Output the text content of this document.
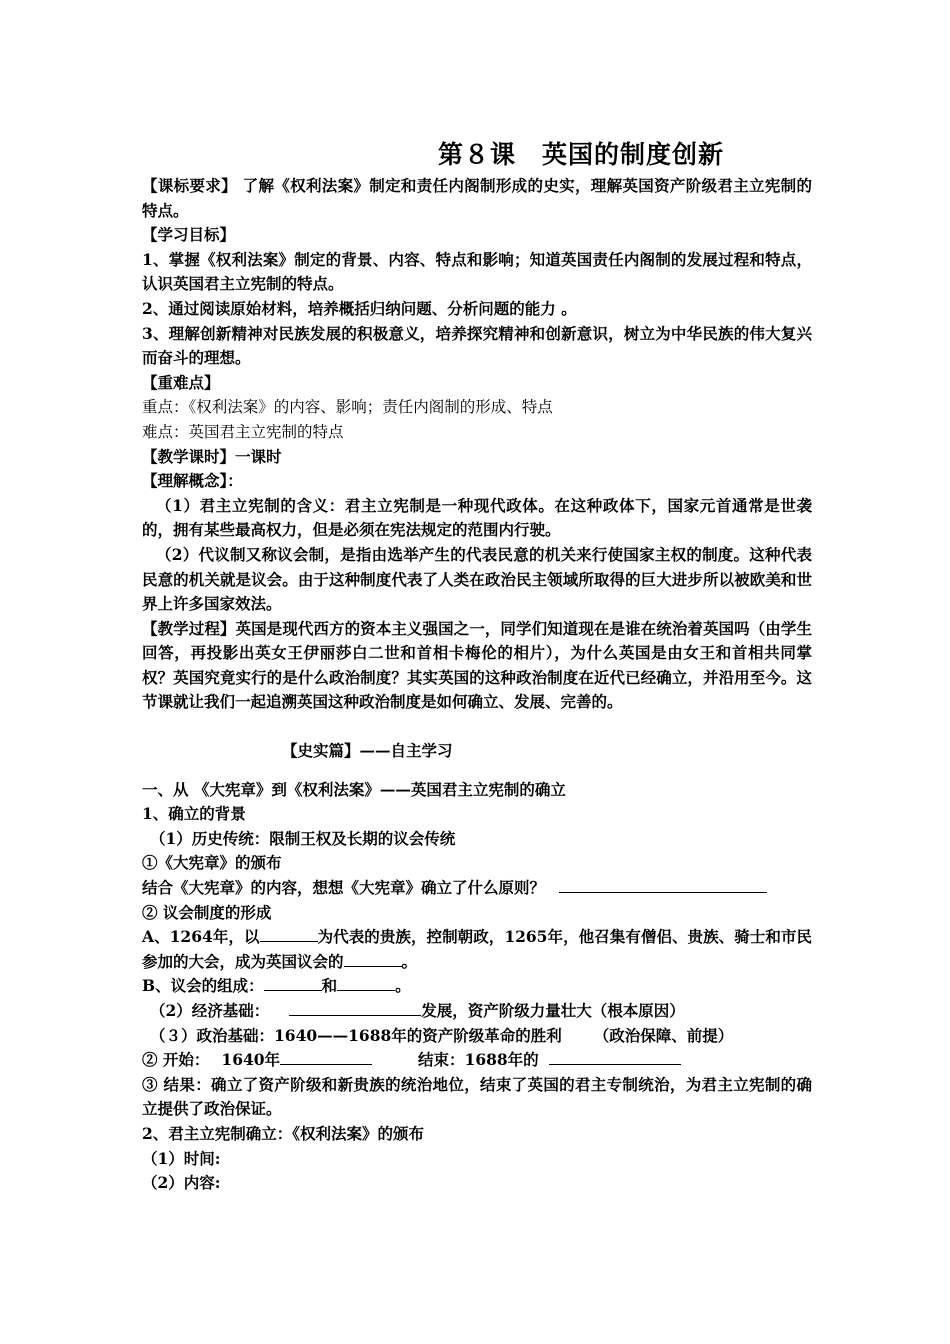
第８课　英国的制度创新

【课标要求】 了解《权利法案》制定和责任内阁制形成的史实，理解英国资产阶级君主立宪制的特点。

【学习目标】

1、掌握《权利法案》制定的背景、内容、特点和影响；知道英国责任内阁制的发展过程和特点，认识英国君主立宪制的特点。

2、通过阅读原始材料，培养概括归纳问题、分析问题的能力 。

3、理解创新精神对民族发展的积极意义，培养探究精神和创新意识，树立为中华民族的伟大复兴而奋斗的理想。

【重难点】

重点：《权利法案》的内容、影响；责任内阁制的形成、特点

难点：英国君主立宪制的特点

【教学课时】一课时

【理解概念】：

（1）君主立宪制的含义：君主立宪制是一种现代政体。在这种政体下，国家元首通常是世袭的，拥有某些最高权力，但是必须在宪法规定的范围内行驶。

（2）代议制又称议会制，是指由选举产生的代表民意的机关来行使国家主权的制度。这种代表民意的机关就是议会。由于这种制度代表了人类在政治民主领域所取得的巨大进步所以被欧美和世界上许多国家效法。

【教学过程】英国是现代西方的资本主义强国之一，同学们知道现在是谁在统治着英国吗（由学生回答，再投影出英女王伊丽莎白二世和首相卡梅伦的相片），为什么英国是由女王和首相共同掌权？英国究竟实行的是什么政治制度？其实英国的这种政治制度在近代已经确立，并沿用至今。这节课就让我们一起追溯英国这种政治制度是如何确立、发展、完善的。

【史实篇】——自主学习

一、从 《大宪章》到《权利法案》——英国君主立宪制的确立

1、确立的背景

（1）历史传统：限制王权及长期的议会传统

①《大宪章》的颁布

结合《大宪章》的内容，想想《大宪章》确立了什么原则？

② 议会制度的形成

A、1264年，以	为代表的贵族，控制朝政，1265年，他召集有僧侣、贵族、骑士和市民参加的大会，成为英国议会的	。

B、议会的组成：	和	。

（2）经济基础：	发展，资产阶级力量壮大（根本原因）

（３）政治基础：1640——1688年的资产阶级革命的胜利 （政治保障、前提）

② 开始： 1640年	结束：1688年的

③ 结果：确立了资产阶级和新贵族的统治地位，结束了英国的君主专制统治，为君主立宪制的确立提供了政治保证。

2、君主立宪制确立：《权利法案》的颁布

（1）时间:

（2）内容:
